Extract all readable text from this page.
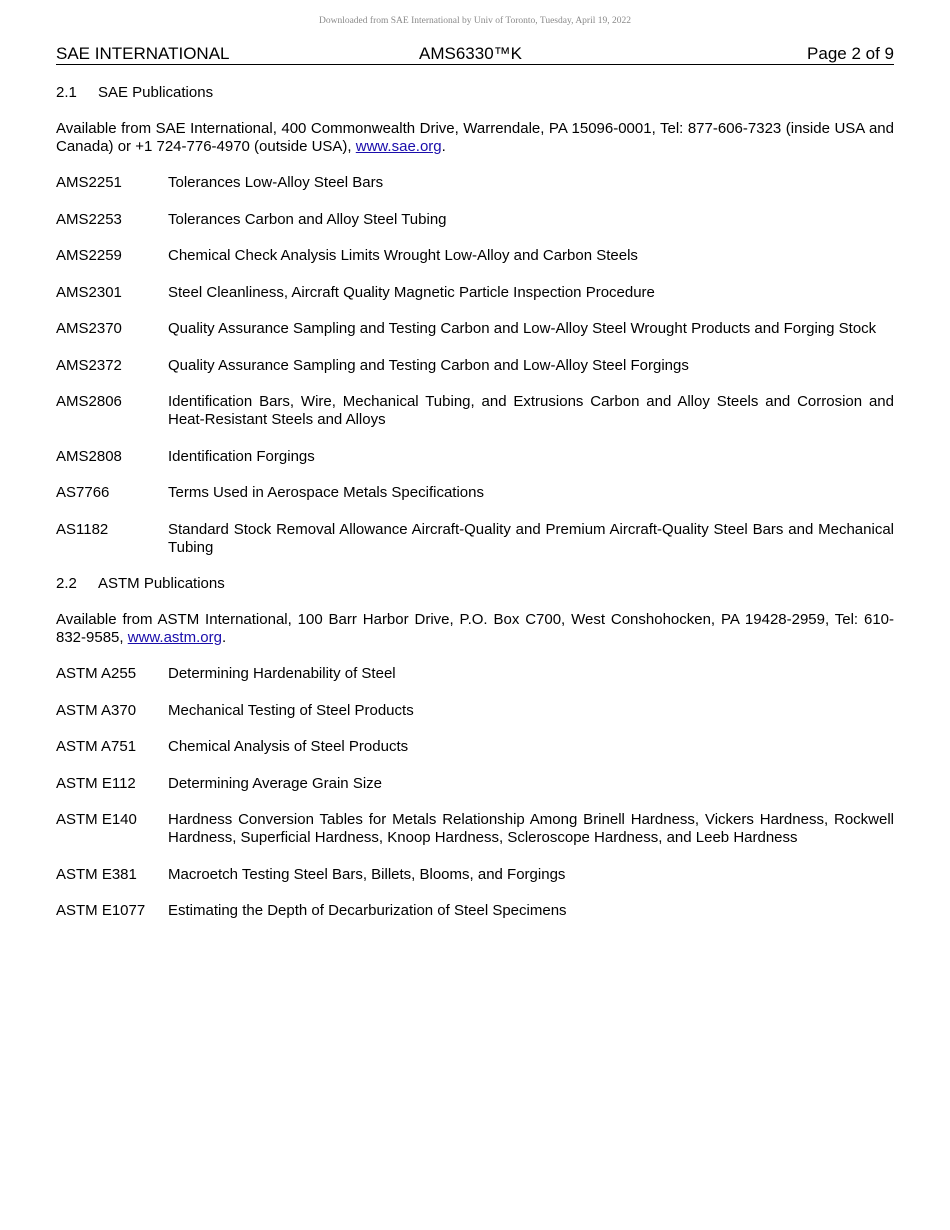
Downloaded from SAE International by Univ of Toronto, Tuesday, April 19, 2022
SAE INTERNATIONAL	AMS6330™K	Page 2 of 9
2.1	SAE Publications

Available from SAE International, 400 Commonwealth Drive, Warrendale, PA 15096-0001, Tel: 877-606-7323 (inside USA and Canada) or +1 724-776-4970 (outside USA), www.sae.org.

AMS2251	Tolerances Low-Alloy Steel Bars
AMS2253	Tolerances Carbon and Alloy Steel Tubing
AMS2259	Chemical Check Analysis Limits Wrought Low-Alloy and Carbon Steels
AMS2301	Steel Cleanliness, Aircraft Quality Magnetic Particle Inspection Procedure
AMS2370	Quality Assurance Sampling and Testing Carbon and Low-Alloy Steel Wrought Products and Forging Stock
AMS2372	Quality Assurance Sampling and Testing Carbon and Low-Alloy Steel Forgings
AMS2806	Identification Bars, Wire, Mechanical Tubing, and Extrusions Carbon and Alloy Steels and Corrosion and Heat-Resistant Steels and Alloys
AMS2808	Identification Forgings
AS7766	Terms Used in Aerospace Metals Specifications
AS1182	Standard Stock Removal Allowance Aircraft-Quality and Premium Aircraft-Quality Steel Bars and Mechanical Tubing
2.2	ASTM Publications

Available from ASTM International, 100 Barr Harbor Drive, P.O. Box C700, West Conshohocken, PA 19428-2959, Tel: 610-832-9585, www.astm.org.

ASTM A255	Determining Hardenability of Steel
ASTM A370	Mechanical Testing of Steel Products
ASTM A751	Chemical Analysis of Steel Products
ASTM E112	Determining Average Grain Size
ASTM E140	Hardness Conversion Tables for Metals Relationship Among Brinell Hardness, Vickers Hardness, Rockwell Hardness, Superficial Hardness, Knoop Hardness, Scleroscope Hardness, and Leeb Hardness
ASTM E381	Macroetch Testing Steel Bars, Billets, Blooms, and Forgings
ASTM E1077	Estimating the Depth of Decarburization of Steel Specimens
